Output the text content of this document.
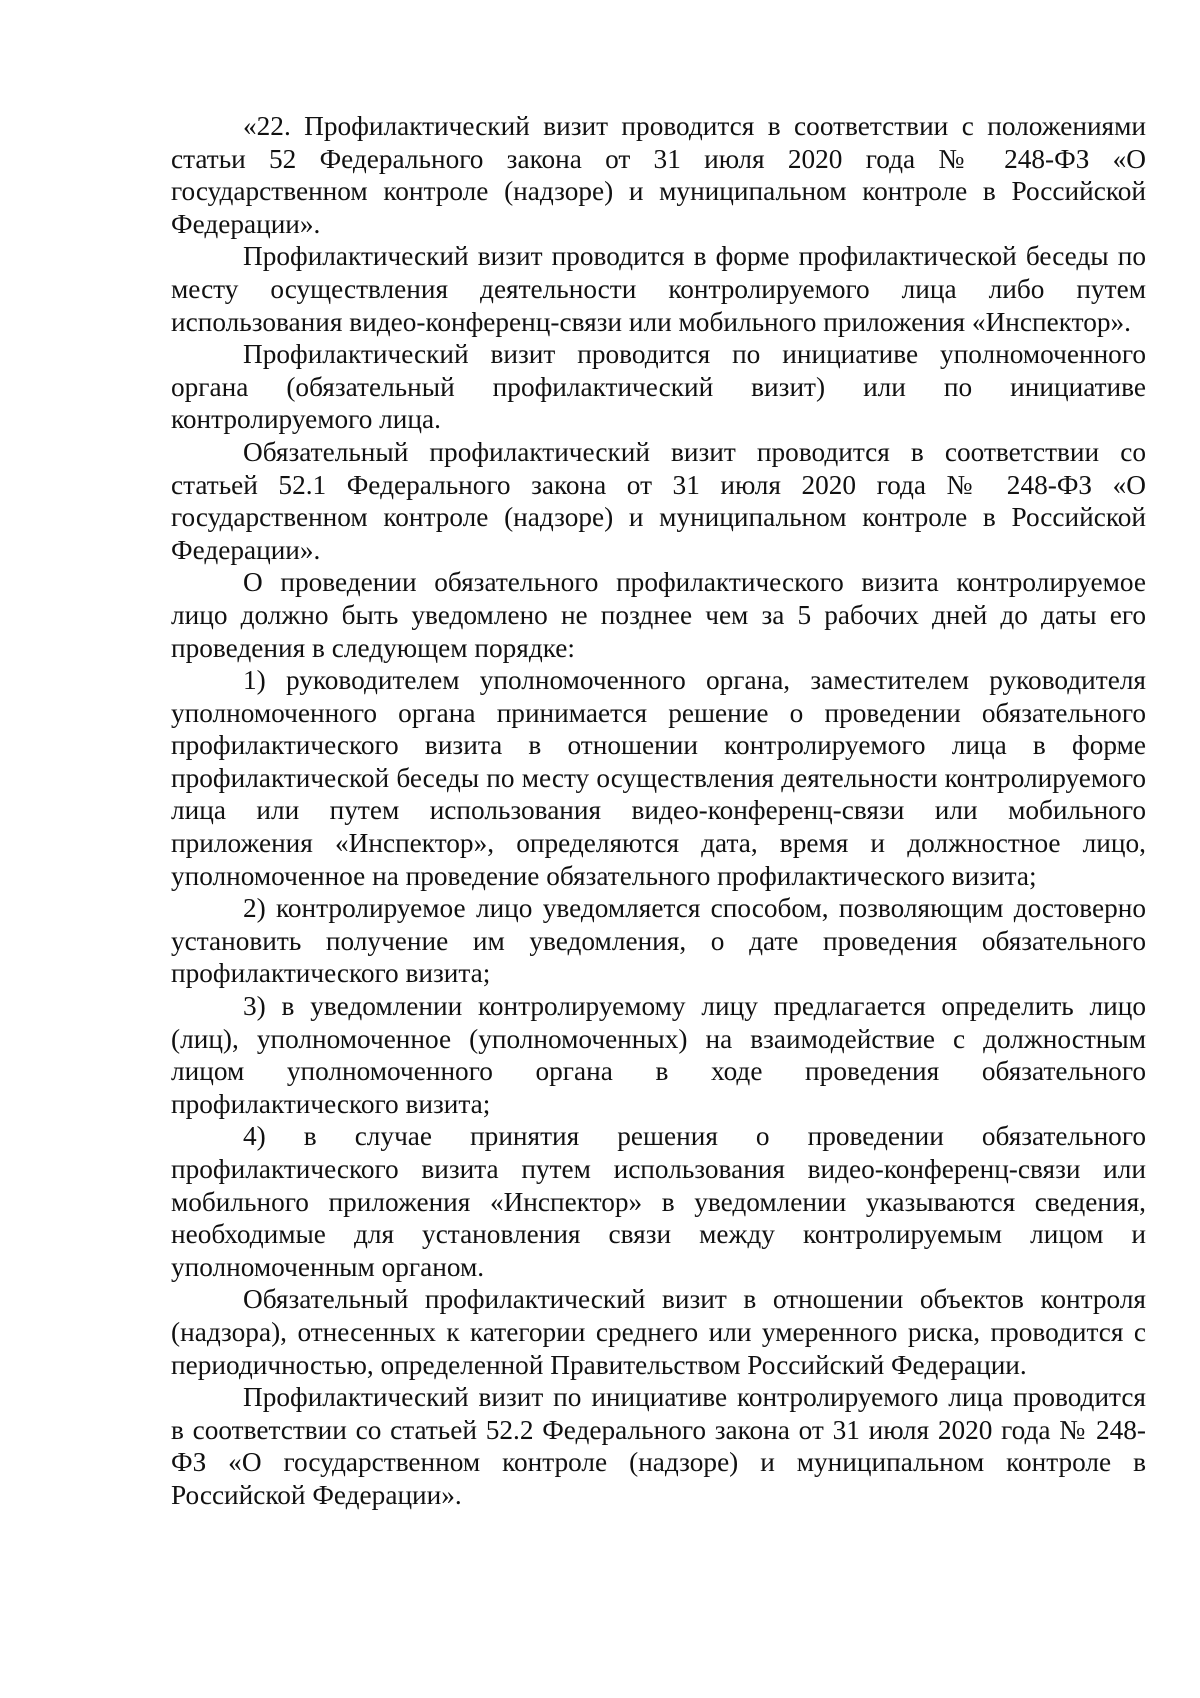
«22. Профилактический визит проводится в соответствии с положениями статьи 52 Федерального закона от 31 июля 2020 года № 248-ФЗ «О государственном контроле (надзоре) и муниципальном контроле в Российской Федерации».

Профилактический визит проводится в форме профилактической беседы по месту осуществления деятельности контролируемого лица либо путем использования видео-конференц-связи или мобильного приложения «Инспектор».

Профилактический визит проводится по инициативе уполномоченного органа (обязательный профилактический визит) или по инициативе контролируемого лица.

Обязательный профилактический визит проводится в соответствии со статьей 52.1 Федерального закона от 31 июля 2020 года № 248-ФЗ «О государственном контроле (надзоре) и муниципальном контроле в Российской Федерации».

О проведении обязательного профилактического визита контролируемое лицо должно быть уведомлено не позднее чем за 5 рабочих дней до даты его проведения в следующем порядке:

1) руководителем уполномоченного органа, заместителем руководителя уполномоченного органа принимается решение о проведении обязательного профилактического визита в отношении контролируемого лица в форме профилактической беседы по месту осуществления деятельности контролируемого лица или путем использования видео-конференц-связи или мобильного приложения «Инспектор», определяются дата, время и должностное лицо, уполномоченное на проведение обязательного профилактического визита;

2) контролируемое лицо уведомляется способом, позволяющим достоверно установить получение им уведомления, о дате проведения обязательного профилактического визита;

3) в уведомлении контролируемому лицу предлагается определить лицо (лиц), уполномоченное (уполномоченных) на взаимодействие с должностным лицом уполномоченного органа в ходе проведения обязательного профилактического визита;

4) в случае принятия решения о проведении обязательного профилактического визита путем использования видео-конференц-связи или мобильного приложения «Инспектор» в уведомлении указываются сведения, необходимые для установления связи между контролируемым лицом и уполномоченным органом.

Обязательный профилактический визит в отношении объектов контроля (надзора), отнесенных к категории среднего или умеренного риска, проводится с периодичностью, определенной Правительством Российский Федерации.

Профилактический визит по инициативе контролируемого лица проводится в соответствии со статьей 52.2 Федерального закона от 31 июля 2020 года № 248-ФЗ «О государственном контроле (надзоре) и муниципальном контроле в Российской Федерации».
